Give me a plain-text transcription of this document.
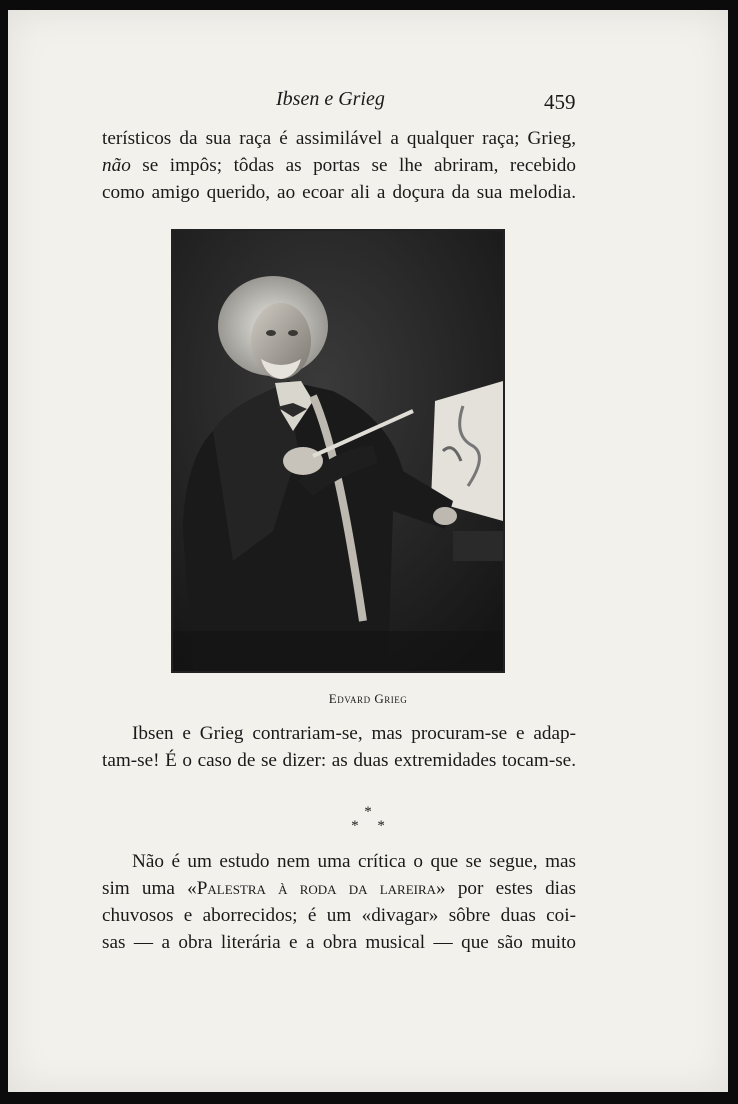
Ibsen e Grieg	459

terísticos da sua raça é assimilável a qualquer raça; Grieg,
não se impôs; tôdas as portas se lhe abriram, recebido
como amigo querido, ao ecoar ali a doçura da sua melodia.

Edvard Grieg

Ibsen e Grieg contrariam-se, mas procuram-se e adap-
tam-se! É o caso de se dizer: as duas extremidades tocam-se.

*
*     *

Não é um estudo nem uma crítica o que se segue, mas
sim uma «Palestra à roda da lareira» por estes dias
chuvosos e aborrecidos; é um «divagar» sôbre duas coi-
sas — a obra literária e a obra musical — que são muito
